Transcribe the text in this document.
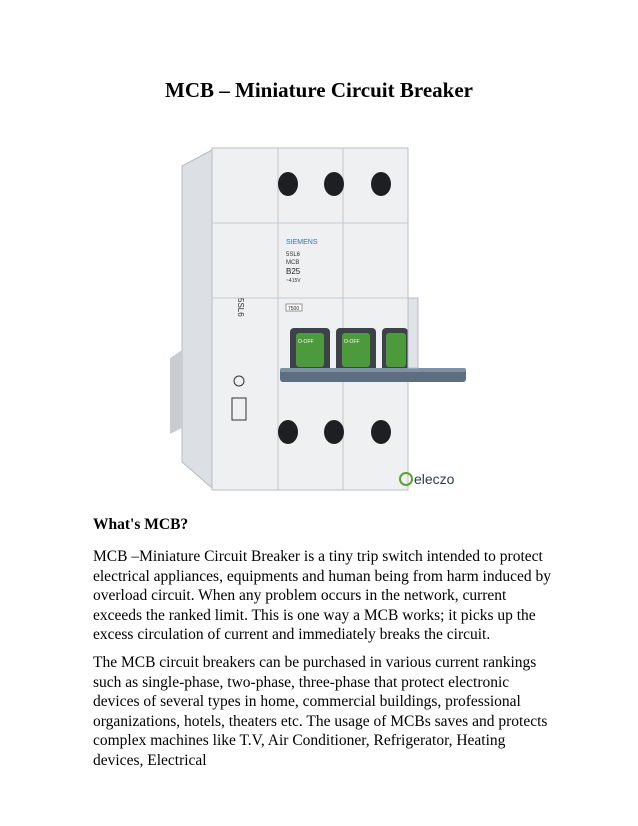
MCB – Miniature Circuit Breaker
SIEMENS
5SL6
MCB
B25
~415V
5SL6	7500
O-OFF	O-OFF
eleczo
What's MCB?

MCB –Miniature Circuit Breaker is a tiny trip switch intended to protect electrical appliances, equipments and human being from harm induced by overload circuit. When any problem occurs in the network, current exceeds the ranked limit. This is one way a MCB works; it picks up the excess circulation of current and immediately breaks the circuit.

The MCB circuit breakers can be purchased in various current rankings such as single-phase, two-phase, three-phase that protect electronic devices of several types in home, commercial buildings, professional organizations, hotels, theaters etc. The usage of MCBs saves and protects complex machines like T.V, Air Conditioner, Refrigerator, Heating devices, Electrical
